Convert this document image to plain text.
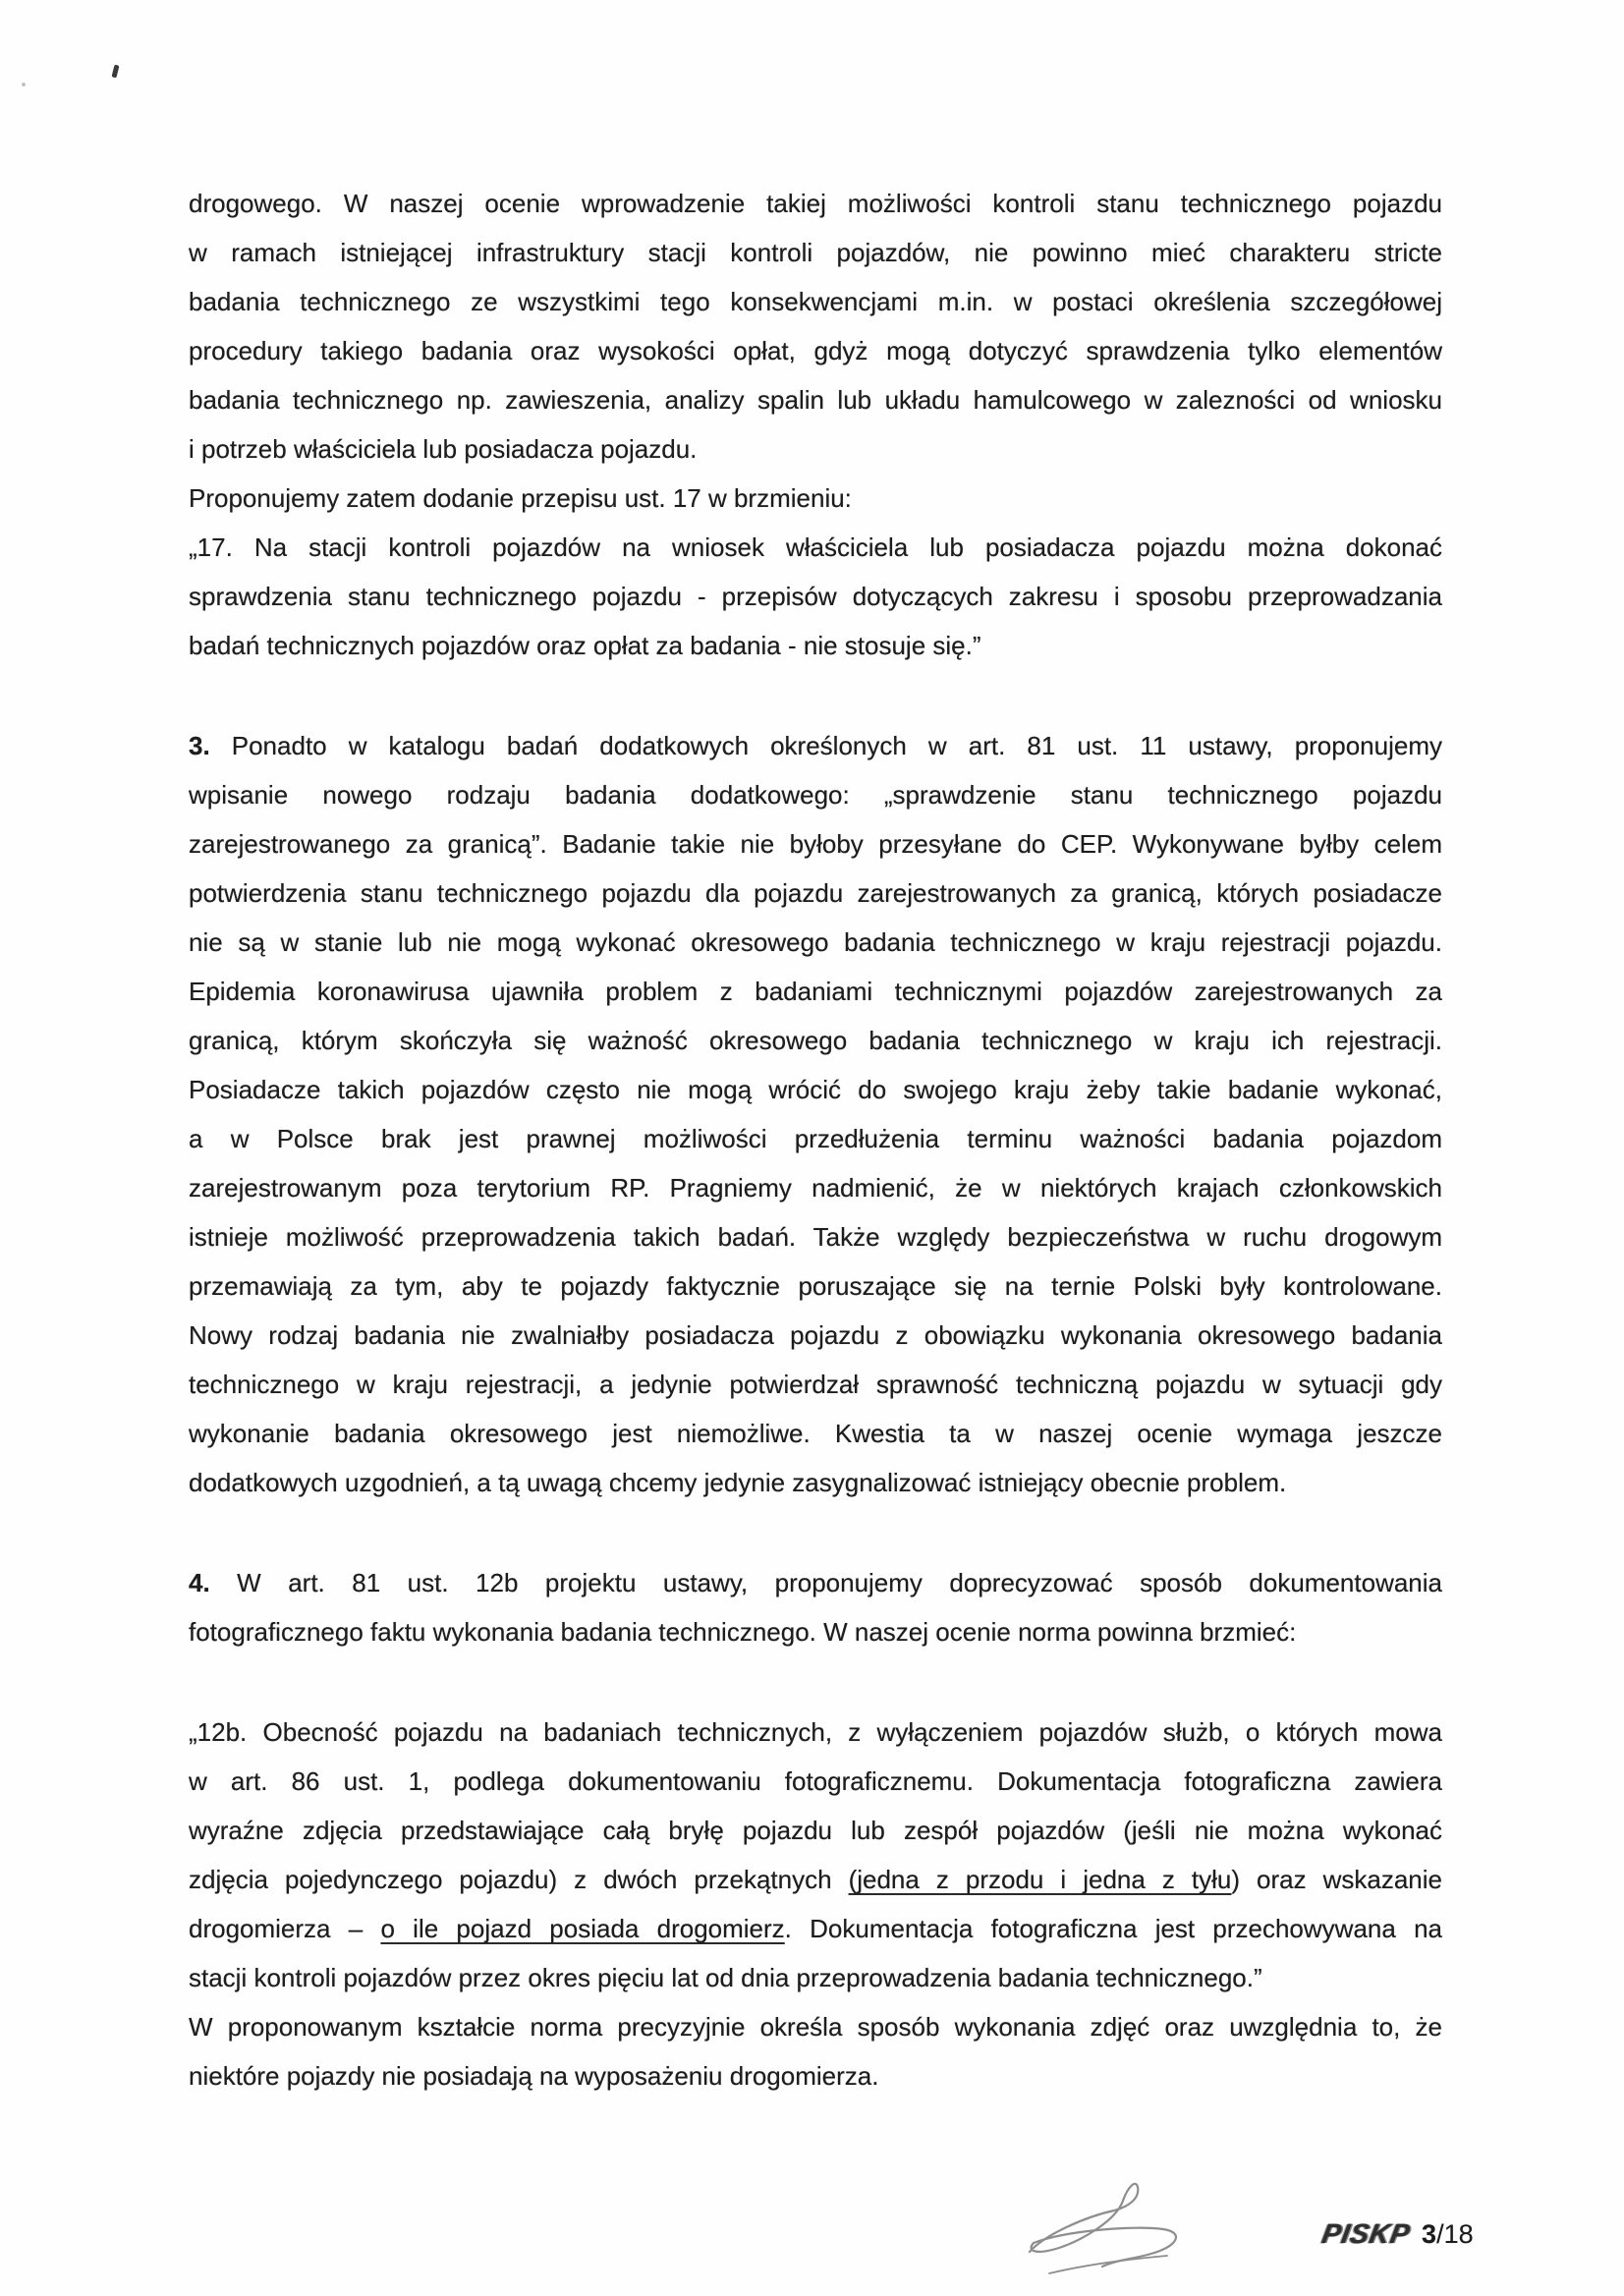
drogowego. W naszej ocenie wprowadzenie takiej możliwości kontroli stanu technicznego pojazdu
w ramach istniejącej infrastruktury stacji kontroli pojazdów, nie powinno mieć charakteru stricte
badania technicznego ze wszystkimi tego konsekwencjami m.in. w postaci określenia szczegółowej
procedury takiego badania oraz wysokości opłat, gdyż mogą dotyczyć sprawdzenia tylko elementów
badania technicznego np. zawieszenia, analizy spalin lub układu hamulcowego w zalezności od wniosku
i potrzeb właściciela lub posiadacza pojazdu.
Proponujemy zatem dodanie przepisu ust. 17 w brzmieniu:
„17. Na stacji kontroli pojazdów na wniosek właściciela lub posiadacza pojazdu można dokonać
sprawdzenia stanu technicznego pojazdu - przepisów dotyczących zakresu i sposobu przeprowadzania
badań technicznych pojazdów oraz opłat za badania - nie stosuje się.”
3. Ponadto w katalogu badań dodatkowych określonych w art. 81 ust. 11 ustawy, proponujemy
wpisanie nowego rodzaju badania dodatkowego: „sprawdzenie stanu technicznego pojazdu
zarejestrowanego za granicą”. Badanie takie nie byłoby przesyłane do CEP. Wykonywane byłby celem
potwierdzenia stanu technicznego pojazdu dla pojazdu zarejestrowanych za granicą, których posiadacze
nie są w stanie lub nie mogą wykonać okresowego badania technicznego w kraju rejestracji pojazdu.
Epidemia koronawirusa ujawniła problem z badaniami technicznymi pojazdów zarejestrowanych za
granicą, którym skończyła się ważność okresowego badania technicznego w kraju ich rejestracji.
Posiadacze takich pojazdów często nie mogą wrócić do swojego kraju żeby takie badanie wykonać,
a w Polsce brak jest prawnej możliwości przedłużenia terminu ważności badania pojazdom
zarejestrowanym poza terytorium RP. Pragniemy nadmienić, że w niektórych krajach członkowskich
istnieje możliwość przeprowadzenia takich badań. Także względy bezpieczeństwa w ruchu drogowym
przemawiają za tym, aby te pojazdy faktycznie poruszające się na ternie Polski były kontrolowane.
Nowy rodzaj badania nie zwalniałby posiadacza pojazdu z obowiązku wykonania okresowego badania
technicznego w kraju rejestracji, a jedynie potwierdzał sprawność techniczną pojazdu w sytuacji gdy
wykonanie badania okresowego jest niemożliwe. Kwestia ta w naszej ocenie wymaga jeszcze
dodatkowych uzgodnień, a tą uwagą chcemy jedynie zasygnalizować istniejący obecnie problem.
4. W art. 81 ust. 12b projektu ustawy, proponujemy doprecyzować sposób dokumentowania
fotograficznego faktu wykonania badania technicznego. W naszej ocenie norma powinna brzmieć:
„12b. Obecność pojazdu na badaniach technicznych, z wyłączeniem pojazdów służb, o których mowa
w art. 86 ust. 1, podlega dokumentowaniu fotograficznemu. Dokumentacja fotograficzna zawiera
wyraźne zdjęcia przedstawiające całą bryłę pojazdu lub zespół pojazdów (jeśli nie można wykonać
zdjęcia pojedynczego pojazdu) z dwóch przekątnych (jedna z przodu i jedna z tyłu) oraz wskazanie
drogomierza – o ile pojazd posiada drogomierz. Dokumentacja fotograficzna jest przechowywana na
stacji kontroli pojazdów przez okres pięciu lat od dnia przeprowadzenia badania technicznego.”
W proponowanym kształcie norma precyzyjnie określa sposób wykonania zdjęć oraz uwzględnia to, że
niektóre pojazdy nie posiadają na wyposażeniu drogomierza.
PISKP 3/18
